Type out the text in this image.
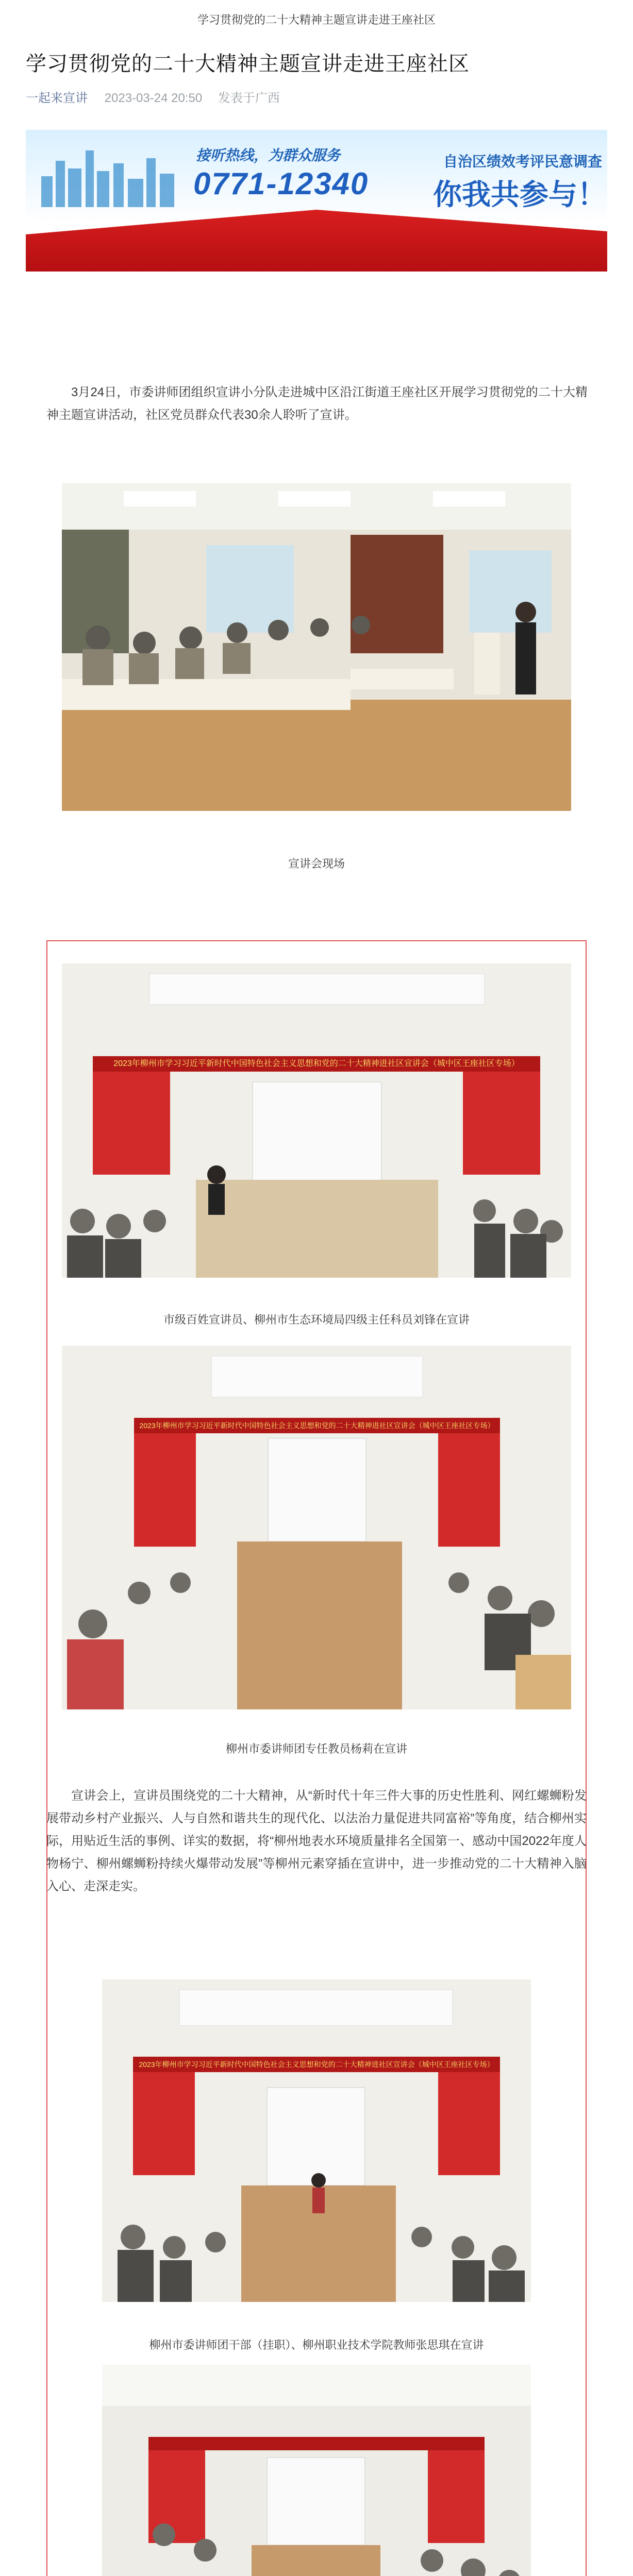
学习贯彻党的二十大精神主题宣讲走进王座社区
学习贯彻党的二十大精神主题宣讲走进王座社区
一起来宣讲 2023-03-24 20:50 发表于广西
接听热线，为群众服务
0771-12340
自治区绩效考评民意调查
你我共参与！
3月24日，市委讲师团组织宣讲小分队走进城中区沿江街道王座社区开展学习贯彻党的二十大精神主题宣讲活动，社区党员群众代表30余人聆听了宣讲。
宣讲会现场
2023年柳州市学习习近平新时代中国特色社会主义思想和党的二十大精神进社区宣讲会（城中区王座社区专场）
市级百姓宣讲员、柳州市生态环境局四级主任科员刘锋在宣讲
2023年柳州市学习习近平新时代中国特色社会主义思想和党的二十大精神进社区宣讲会（城中区王座社区专场）
柳州市委讲师团专任教员杨莉在宣讲
宣讲会上，宣讲员围绕党的二十大精神，从“新时代十年三件大事的历史性胜利、网红螺蛳粉发展带动乡村产业振兴、人与自然和谐共生的现代化、以法治力量促进共同富裕”等角度，结合柳州实际，用贴近生活的事例、详实的数据，将“柳州地表水环境质量排名全国第一、感动中国2022年度人物杨宁、柳州螺蛳粉持续火爆带动发展”等柳州元素穿插在宣讲中，进一步推动党的二十大精神入脑入心、走深走实。
2023年柳州市学习习近平新时代中国特色社会主义思想和党的二十大精神进社区宣讲会（城中区王座社区专场）
柳州市委讲师团干部（挂职）、柳州职业技术学院教师张思琪在宣讲
